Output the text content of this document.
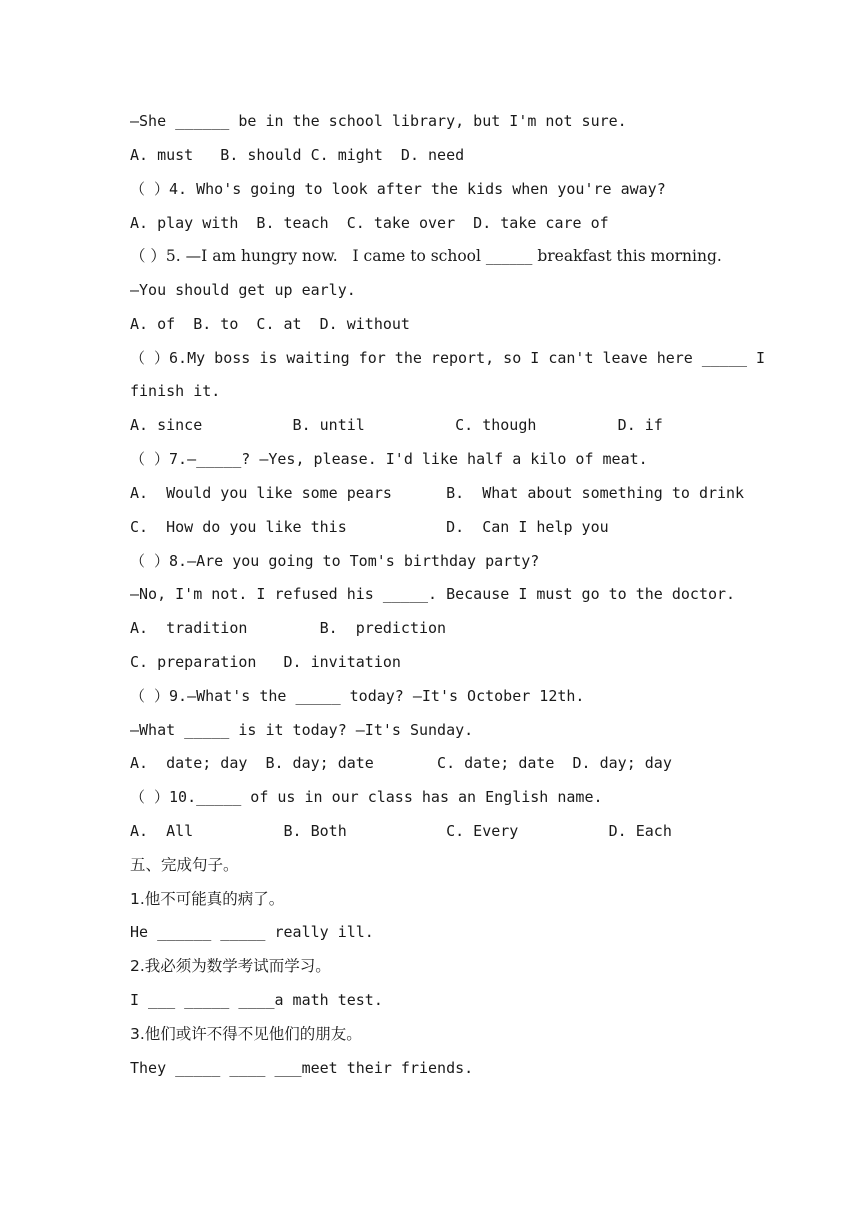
—She ______ be in the school library, but I'm not sure.
A. must   B. should C. might  D. need
（ ）4. Who's going to look after the kids when you're away?
A. play with  B. teach  C. take over  D. take care of
（ ）5. —I am hungry now.   I came to school ______ breakfast this morning.
—You should get up early.
A. of  B. to  C. at  D. without
（ ）6.My boss is waiting for the report, so I can't leave here _____ I
finish it.
A. since          B. until          C. though         D. if
（ ）7.—_____? —Yes, please. I'd like half a kilo of meat.
A.  Would you like some pears      B.  What about something to drink
C.  How do you like this           D.  Can I help you
（ ）8.—Are you going to Tom's birthday party?
—No, I'm not. I refused his _____. Because I must go to the doctor.
A.  tradition        B.  prediction
C. preparation   D. invitation
（ ）9.—What's the _____ today? —It's October 12th.
—What _____ is it today? —It's Sunday.
A.  date; day  B. day; date       C. date; date  D. day; day
（ ）10._____ of us in our class has an English name.
A.  All          B. Both           C. Every          D. Each
五、完成句子。
1.他不可能真的病了。
He ______ _____ really ill.
2.我必须为数学考试而学习。
I ___ _____ ____a math test.
3.他们或许不得不见他们的朋友。
They _____ ____ ___meet their friends.
